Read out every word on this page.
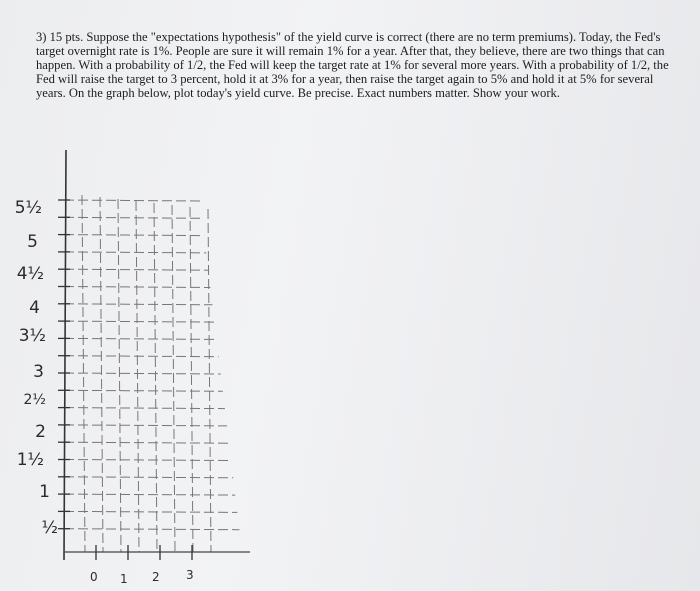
3) 15 pts. Suppose the "expectations hypothesis" of the yield curve is correct (there are no term premiums). Today, the Fed's target overnight rate is 1%. People are sure it will remain 1% for a year. After that, they believe, there are two things that can happen. With a probability of 1/2, the Fed will keep the target rate at 1% for several more years. With a probability of 1/2, the Fed will raise the target to 3 percent, hold it at 3% for a year, then raise the target again to 5% and hold it at 5% for several years. On the graph below, plot today's yield curve. Be precise. Exact numbers matter. Show your work.
5½
5
4½
4
3½
3
2½
2
1½
1
½
0 1 2 3
